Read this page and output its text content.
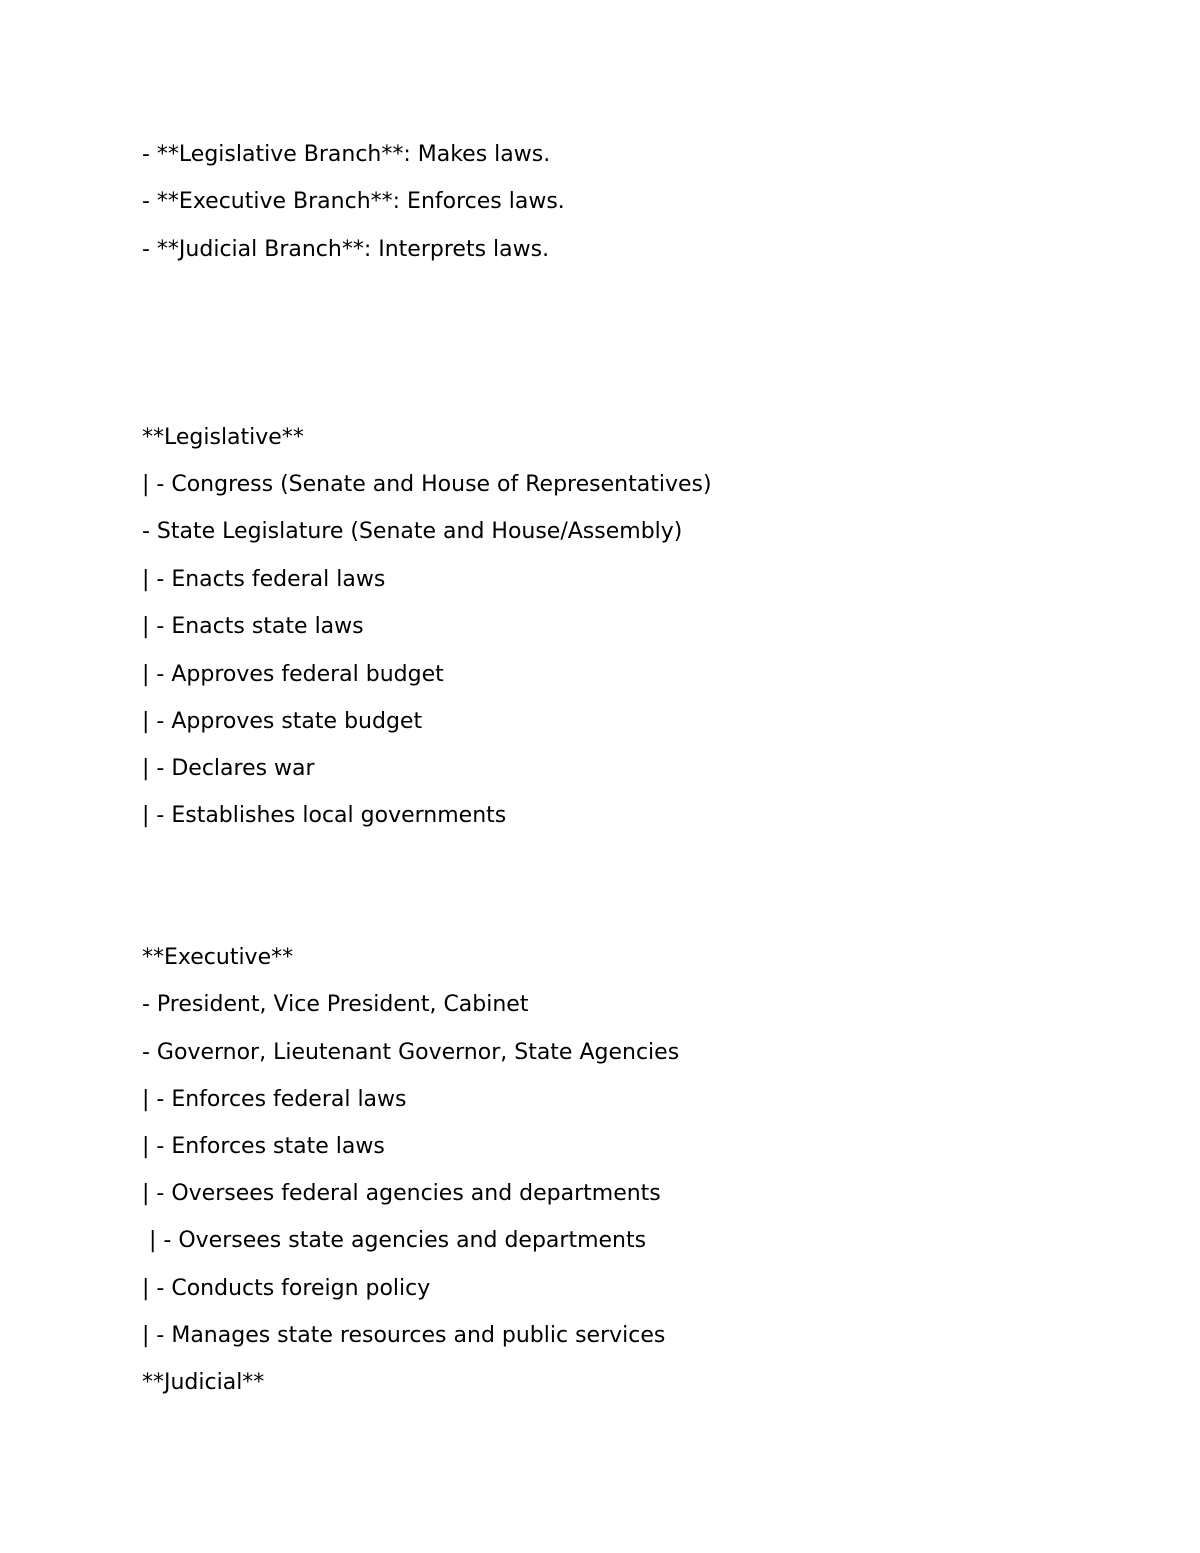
- **Legislative Branch**: Makes laws.
- **Executive Branch**: Enforces laws.
- **Judicial Branch**: Interprets laws.
**Legislative**
| - Congress (Senate and House of Representatives)
- State Legislature (Senate and House/Assembly)
| - Enacts federal laws
| - Enacts state laws
| - Approves federal budget
| - Approves state budget
| - Declares war
| - Establishes local governments
**Executive**
- President, Vice President, Cabinet
- Governor, Lieutenant Governor, State Agencies
| - Enforces federal laws
| - Enforces state laws
| - Oversees federal agencies and departments
| - Oversees state agencies and departments
| - Conducts foreign policy
| - Manages state resources and public services
**Judicial**
